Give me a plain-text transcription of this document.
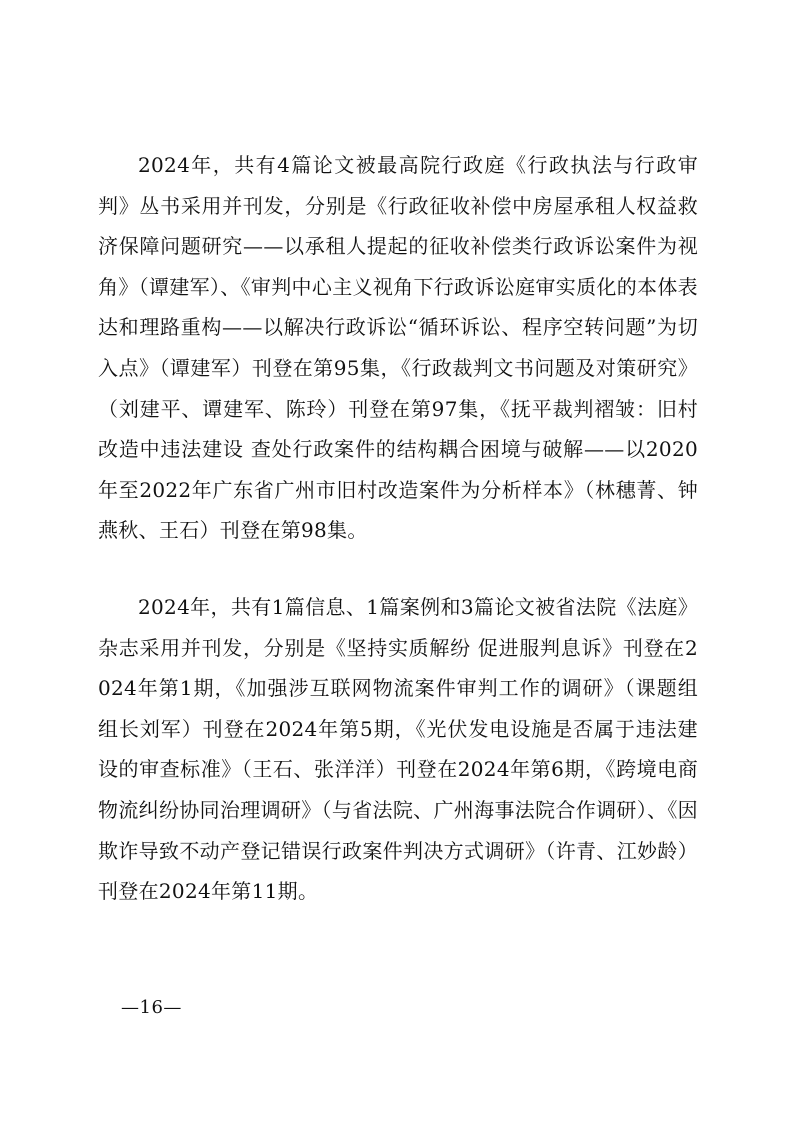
2024年，共有4篇论文被最高院行政庭《行政执法与行政审判》丛书采用并刊发，分别是《行政征收补偿中房屋承租人权益救济保障问题研究——以承租人提起的征收补偿类行政诉讼案件为视角》（谭建军）、《审判中心主义视角下行政诉讼庭审实质化的本体表达和理路重构——以解决行政诉讼“循环诉讼、程序空转问题”为切入点》（谭建军）刊登在第95集，《行政裁判文书问题及对策研究》（刘建平、谭建军、陈玲）刊登在第97集，《抚平裁判褶皱：旧村改造中违法建设 查处行政案件的结构耦合困境与破解——以2020年至2022年广东省广州市旧村改造案件为分析样本》（林穗菁、钟燕秋、王石）刊登在第98集。

2024年，共有1篇信息、1篇案例和3篇论文被省法院《法庭》杂志采用并刊发，分别是《坚持实质解纷 促进服判息诉》刊登在2024年第1期，《加强涉互联网物流案件审判工作的调研》（课题组组长刘军）刊登在2024年第5期，《光伏发电设施是否属于违法建设的审查标准》（王石、张洋洋）刊登在2024年第6期，《跨境电商物流纠纷协同治理调研》（与省法院、广州海事法院合作调研）、《因欺诈导致不动产登记错误行政案件判决方式调研》（许青、江妙龄）刊登在2024年第11期。

—16—
